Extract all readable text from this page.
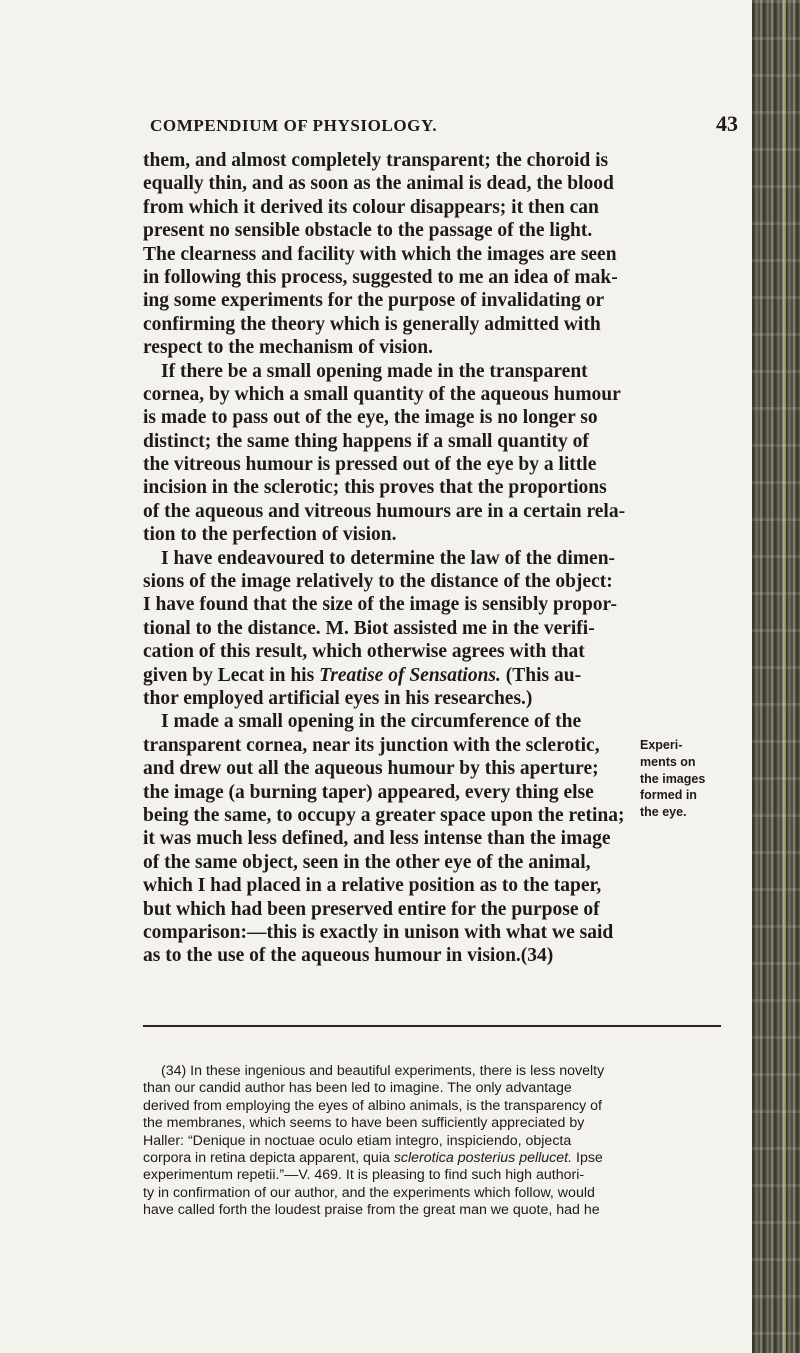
COMPENDIUM OF PHYSIOLOGY.	43
them, and almost completely transparent; the choroid is
equally thin, and as soon as the animal is dead, the blood
from which it derived its colour disappears; it then can
present no sensible obstacle to the passage of the light.
The clearness and facility with which the images are seen
in following this process, suggested to me an idea of mak-
ing some experiments for the purpose of invalidating or
confirming the theory which is generally admitted with
respect to the mechanism of vision.
If there be a small opening made in the transparent
cornea, by which a small quantity of the aqueous humour
is made to pass out of the eye, the image is no longer so
distinct; the same thing happens if a small quantity of
the vitreous humour is pressed out of the eye by a little
incision in the sclerotic; this proves that the proportions
of the aqueous and vitreous humours are in a certain rela-
tion to the perfection of vision.
I have endeavoured to determine the law of the dimen-
sions of the image relatively to the distance of the object:
I have found that the size of the image is sensibly propor-
tional to the distance. M. Biot assisted me in the verifi-
cation of this result, which otherwise agrees with that
given by Lecat in his Treatise of Sensations. (This au-
thor employed artificial eyes in his researches.)
I made a small opening in the circumference of the
transparent cornea, near its junction with the sclerotic,
and drew out all the aqueous humour by this aperture;
the image (a burning taper) appeared, every thing else
being the same, to occupy a greater space upon the retina;
it was much less defined, and less intense than the image
of the same object, seen in the other eye of the animal,
which I had placed in a relative position as to the taper,
but which had been preserved entire for the purpose of
comparison:—this is exactly in unison with what we said
as to the use of the aqueous humour in vision.(34)
Experi-
ments on
the images
formed in
the eye.
(34) In these ingenious and beautiful experiments, there is less novelty
than our candid author has been led to imagine. The only advantage
derived from employing the eyes of albino animals, is the transparency of
the membranes, which seems to have been sufficiently appreciated by
Haller: “Denique in noctuae oculo etiam integro, inspiciendo, objecta
corpora in retina depicta apparent, quia sclerotica posterius pellucet. Ipse
experimentum repetii.”—V. 469. It is pleasing to find such high authori-
ty in confirmation of our author, and the experiments which follow, would
have called forth the loudest praise from the great man we quote, had he
